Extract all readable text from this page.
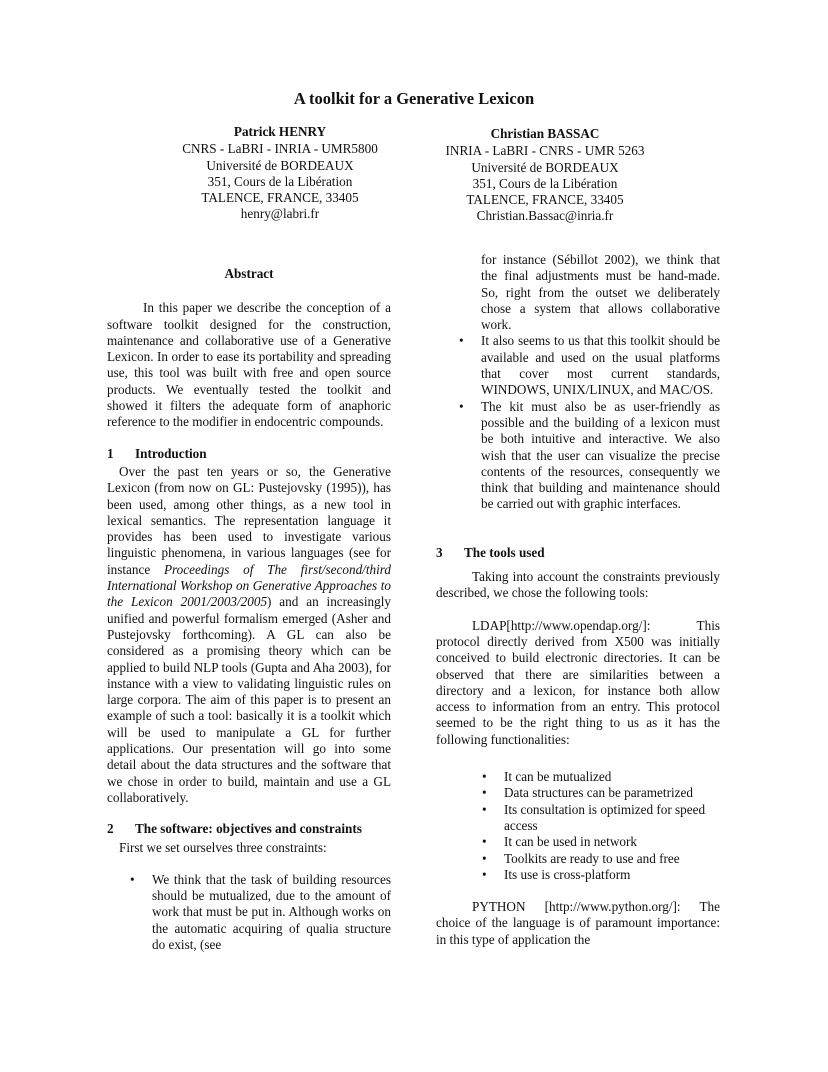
A toolkit for a Generative Lexicon
Patrick HENRY
CNRS - LaBRI - INRIA - UMR5800
Université de BORDEAUX
351, Cours de la Libération
TALENCE, FRANCE, 33405
henry@labri.fr
Christian BASSAC
INRIA - LaBRI - CNRS - UMR 5263
Université de BORDEAUX
351, Cours de la Libération
TALENCE, FRANCE, 33405
Christian.Bassac@inria.fr
Abstract

In this paper we describe the conception of a software toolkit designed for the construction, maintenance and collaborative use of a Generative Lexicon. In order to ease its portability and spreading use, this tool was built with free and open source products. We eventually tested the toolkit and showed it filters the adequate form of anaphoric reference to the modifier in endocentric compounds.

1 Introduction

Over the past ten years or so, the Generative Lexicon (from now on GL: Pustejovsky (1995)), has been used, among other things, as a new tool in lexical semantics. The representation language it provides has been used to investigate various linguistic phenomena, in various languages (see for instance Proceedings of The first/second/third International Workshop on Generative Approaches to the Lexicon 2001/2003/2005) and an increasingly unified and powerful formalism emerged (Asher and Pustejovsky forthcoming). A GL can also be considered as a promising theory which can be applied to build NLP tools (Gupta and Aha 2003), for instance with a view to validating linguistic rules on large corpora. The aim of this paper is to present an example of such a tool: basically it is a toolkit which will be used to manipulate a GL for further applications. Our presentation will go into some detail about the data structures and the software that we chose in order to build, maintain and use a GL collaboratively.

2 The software: objectives and constraints

First we set ourselves three constraints:

• We think that the task of building resources should be mutualized, due to the amount of work that must be put in. Although works on the automatic acquiring of qualia structure do exist, (see
for instance (Sébillot 2002), we think that the final adjustments must be hand-made. So, right from the outset we deliberately chose a system that allows collaborative work.
• It also seems to us that this toolkit should be available and used on the usual platforms that cover most current standards, WINDOWS, UNIX/LINUX, and MAC/OS.
• The kit must also be as user-friendly as possible and the building of a lexicon must be both intuitive and interactive. We also wish that the user can visualize the precise contents of the resources, consequently we think that building and maintenance should be carried out with graphic interfaces.
3 The tools used

Taking into account the constraints previously described, we chose the following tools:

LDAP[http://www.opendap.org/]: This protocol directly derived from X500 was initially conceived to build electronic directories. It can be observed that there are similarities between a directory and a lexicon, for instance both allow access to information from an entry. This protocol seemed to be the right thing to us as it has the following functionalities:

• It can be mutualized
• Data structures can be parametrized
• Its consultation is optimized for speed access
• It can be used in network
• Toolkits are ready to use and free
• Its use is cross-platform

PYTHON [http://www.python.org/]: The choice of the language is of paramount importance: in this type of application the
